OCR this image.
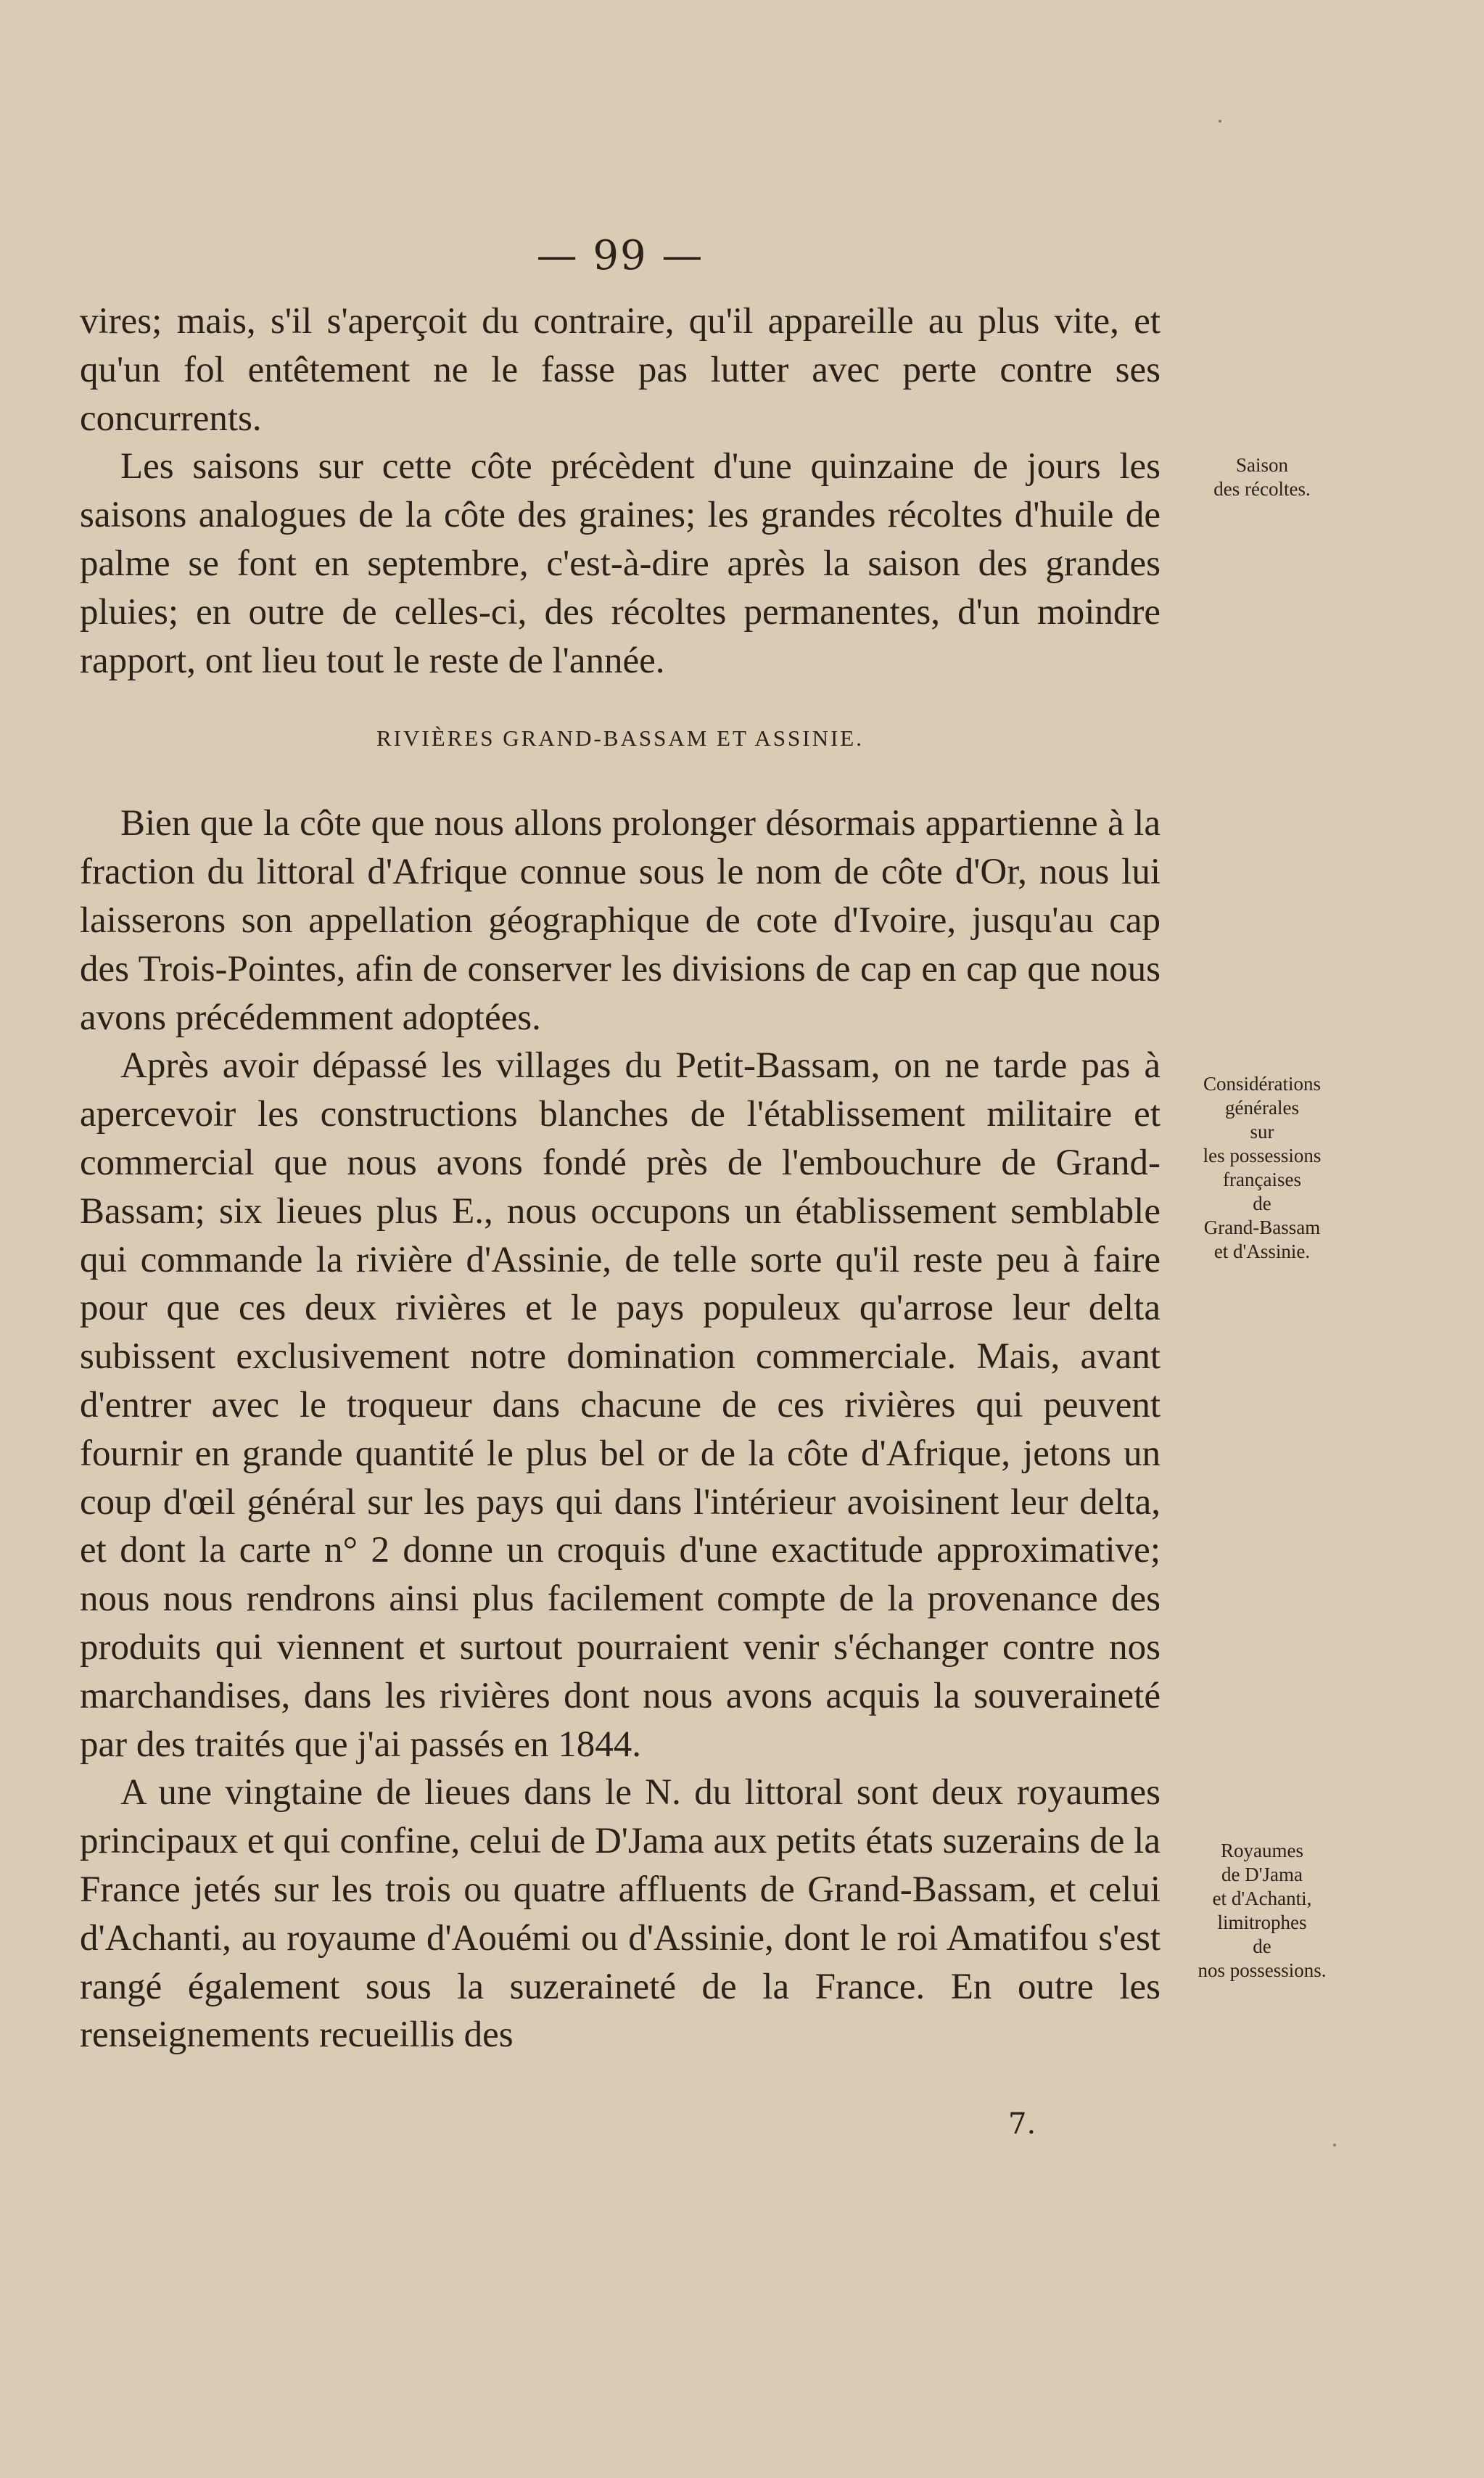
— 99 —

vires; mais, s'il s'aperçoit du contraire, qu'il appareille au plus vite, et qu'un fol entêtement ne le fasse pas lutter avec perte contre ses concurrents.

Les saisons sur cette côte précèdent d'une quinzaine de jours les saisons analogues de la côte des graines; les grandes récoltes d'huile de palme se font en septembre, c'est-à-dire après la saison des grandes pluies; en outre de celles-ci, des récoltes permanentes, d'un moindre rapport, ont lieu tout le reste de l'année.

RIVIÈRES GRAND-BASSAM ET ASSINIE.

Bien que la côte que nous allons prolonger désormais appartienne à la fraction du littoral d'Afrique connue sous le nom de côte d'Or, nous lui laisserons son appellation géographique de cote d'Ivoire, jusqu'au cap des Trois-Pointes, afin de conserver les divisions de cap en cap que nous avons précédemment adoptées.

Après avoir dépassé les villages du Petit-Bassam, on ne tarde pas à apercevoir les constructions blanches de l'établissement militaire et commercial que nous avons fondé près de l'embouchure de Grand-Bassam; six lieues plus E., nous occupons un établissement semblable qui commande la rivière d'Assinie, de telle sorte qu'il reste peu à faire pour que ces deux rivières et le pays populeux qu'arrose leur delta subissent exclusivement notre domination commerciale. Mais, avant d'entrer avec le troqueur dans chacune de ces rivières qui peuvent fournir en grande quantité le plus bel or de la côte d'Afrique, jetons un coup d'œil général sur les pays qui dans l'intérieur avoisinent leur delta, et dont la carte n° 2 donne un croquis d'une exactitude approximative; nous nous rendrons ainsi plus facilement compte de la provenance des produits qui viennent et surtout pourraient venir s'échanger contre nos marchandises, dans les rivières dont nous avons acquis la souveraineté par des traités que j'ai passés en 1844.

A une vingtaine de lieues dans le N. du littoral sont deux royaumes principaux et qui confine, celui de D'Jama aux petits états suzerains de la France jetés sur les trois ou quatre affluents de Grand-Bassam, et celui d'Achanti, au royaume d'Aouémi ou d'Assinie, dont le roi Amatifou s'est rangé également sous la suzeraineté de la France. En outre les renseignements recueillis des

Saison
des récoltes.
Considérations
générales
sur
les possessions
françaises
de
Grand-Bassam
et d'Assinie.
Royaumes
de D'Jama
et d'Achanti,
limitrophes
de
nos possessions.
7.
